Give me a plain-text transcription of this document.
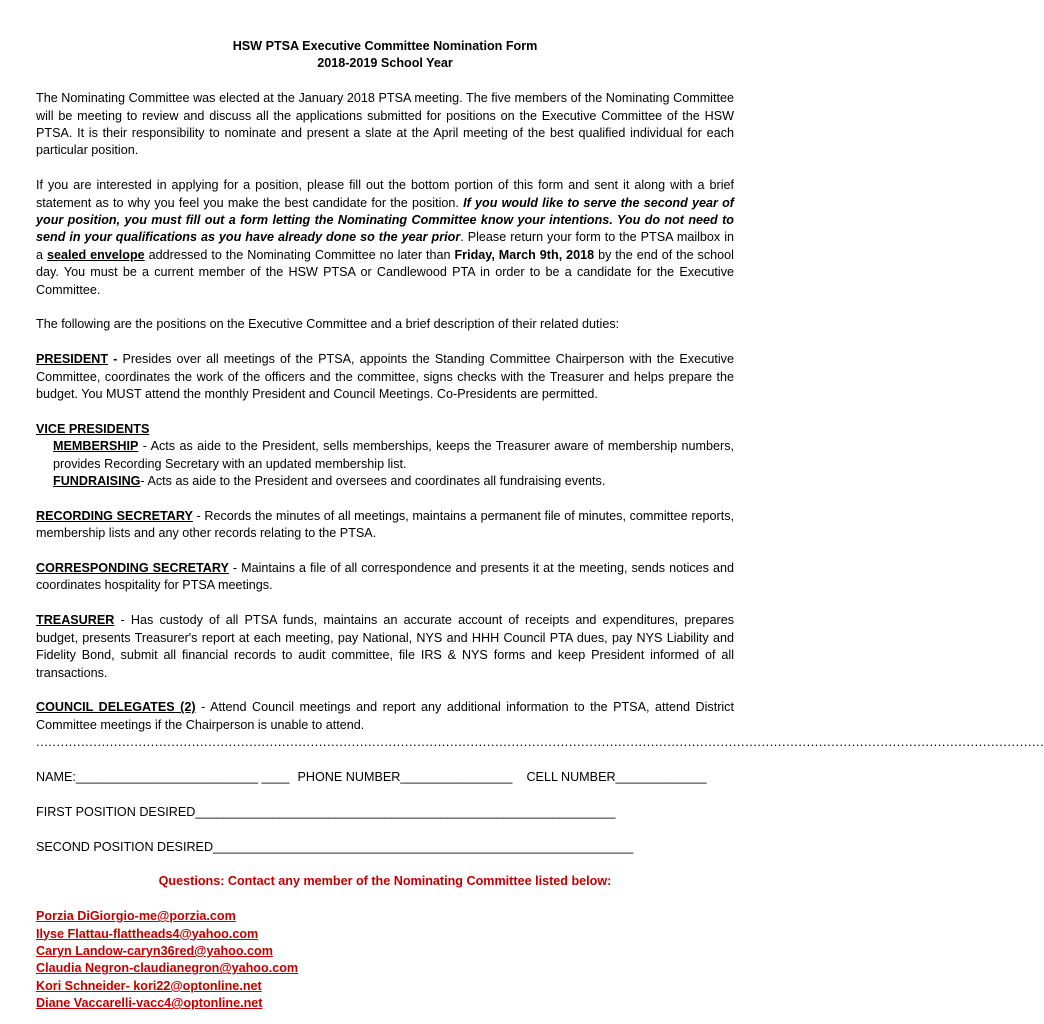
HSW PTSA Executive Committee Nomination Form
2018-2019 School Year

The Nominating Committee was elected at the January 2018 PTSA meeting. The five members of the Nominating Committee will be meeting to review and discuss all the applications submitted for positions on the Executive Committee of the HSW PTSA. It is their responsibility to nominate and present a slate at the April meeting of the best qualified individual for each particular position.

If you are interested in applying for a position, please fill out the bottom portion of this form and sent it along with a brief statement as to why you feel you make the best candidate for the position. If you would like to serve the second year of your position, you must fill out a form letting the Nominating Committee know your intentions. You do not need to send in your qualifications as you have already done so the year prior. Please return your form to the PTSA mailbox in a sealed envelope addressed to the Nominating Committee no later than Friday, March 9th, 2018 by the end of the school day. You must be a current member of the HSW PTSA or Candlewood PTA in order to be a candidate for the Executive Committee.

The following are the positions on the Executive Committee and a brief description of their related duties:

PRESIDENT - Presides over all meetings of the PTSA, appoints the Standing Committee Chairperson with the Executive Committee, coordinates the work of the officers and the committee, signs checks with the Treasurer and helps prepare the budget. You MUST attend the monthly President and Council Meetings. Co-Presidents are permitted.

VICE PRESIDENTS

MEMBERSHIP - Acts as aide to the President, sells memberships, keeps the Treasurer aware of membership numbers, provides Recording Secretary with an updated membership list.

FUNDRAISING- Acts as aide to the President and oversees and coordinates all fundraising events.

RECORDING SECRETARY - Records the minutes of all meetings, maintains a permanent file of minutes, committee reports, membership lists and any other records relating to the PTSA.

CORRESPONDING SECRETARY - Maintains a file of all correspondence and presents it at the meeting, sends notices and coordinates hospitality for PTSA meetings.

TREASURER - Has custody of all PTSA funds, maintains an accurate account of receipts and expenditures, prepares budget, presents Treasurer's report at each meeting, pay National, NYS and HHH Council PTA dues, pay NYS Liability and Fidelity Bond, submit all financial records to audit committee, file IRS & NYS forms and keep President informed of all transactions.

COUNCIL DELEGATES (2) - Attend Council meetings and report any additional information to the PTSA, attend District Committee meetings if the Chairperson is unable to attend.

......................................................................................................................................................................................................................................................
NAME: __________________________ ____ PHONE NUMBER ________________ CELL NUMBER _____________
FIRST POSITION DESIRED ____________________________________________________________
SECOND POSITION DESIRED ____________________________________________________________
Questions: Contact any member of the Nominating Committee listed below:
Porzia DiGiorgio-me@porzia.com
Ilyse Flattau-flattheads4@yahoo.com
Caryn Landow-caryn36red@yahoo.com
Claudia Negron-claudianegron@yahoo.com
Kori Schneider- kori22@optonline.net
Diane Vaccarelli-vacc4@optonline.net
